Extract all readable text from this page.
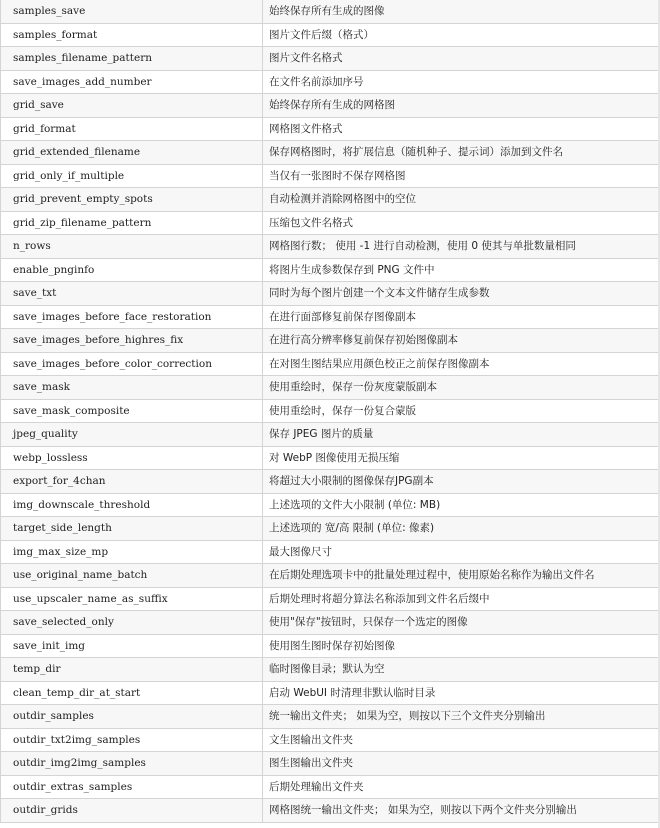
samples_save	始终保存所有生成的图像
samples_format	图片文件后缀（格式）
samples_filename_pattern	图片文件名格式
save_images_add_number	在文件名前添加序号
grid_save	始终保存所有生成的网格图
grid_format	网格图文件格式
grid_extended_filename	保存网格图时，将扩展信息（随机种子、提示词）添加到文件名
grid_only_if_multiple	当仅有一张图时不保存网格图
grid_prevent_empty_spots	自动检测并消除网格图中的空位
grid_zip_filename_pattern	压缩包文件名格式
n_rows	网格图行数； 使用 -1 进行自动检测，使用 0 使其与单批数量相同
enable_pnginfo	将图片生成参数保存到 PNG 文件中
save_txt	同时为每个图片创建一个文本文件储存生成参数
save_images_before_face_restoration	在进行面部修复前保存图像副本
save_images_before_highres_fix	在进行高分辨率修复前保存初始图像副本
save_images_before_color_correction	在对图生图结果应用颜色校正之前保存图像副本
save_mask	使用重绘时，保存一份灰度蒙版副本
save_mask_composite	使用重绘时，保存一份复合蒙版
jpeg_quality	保存 JPEG 图片的质量
webp_lossless	对 WebP 图像使用无损压缩
export_for_4chan	将超过大小限制的图像保存JPG副本
img_downscale_threshold	上述选项的文件大小限制 (单位: MB)
target_side_length	上述选项的 宽/高 限制 (单位: 像素)
img_max_size_mp	最大图像尺寸
use_original_name_batch	在后期处理选项卡中的批量处理过程中，使用原始名称作为输出文件名
use_upscaler_name_as_suffix	后期处理时将超分算法名称添加到文件名后缀中
save_selected_only	使用"保存"按钮时，只保存一个选定的图像
save_init_img	使用图生图时保存初始图像
temp_dir	临时图像目录；默认为空
clean_temp_dir_at_start	启动 WebUI 时清理非默认临时目录
outdir_samples	统一输出文件夹； 如果为空，则按以下三个文件夹分别输出
outdir_txt2img_samples	文生图输出文件夹
outdir_img2img_samples	图生图输出文件夹
outdir_extras_samples	后期处理输出文件夹
outdir_grids	网格图统一输出文件夹； 如果为空，则按以下两个文件夹分别输出
